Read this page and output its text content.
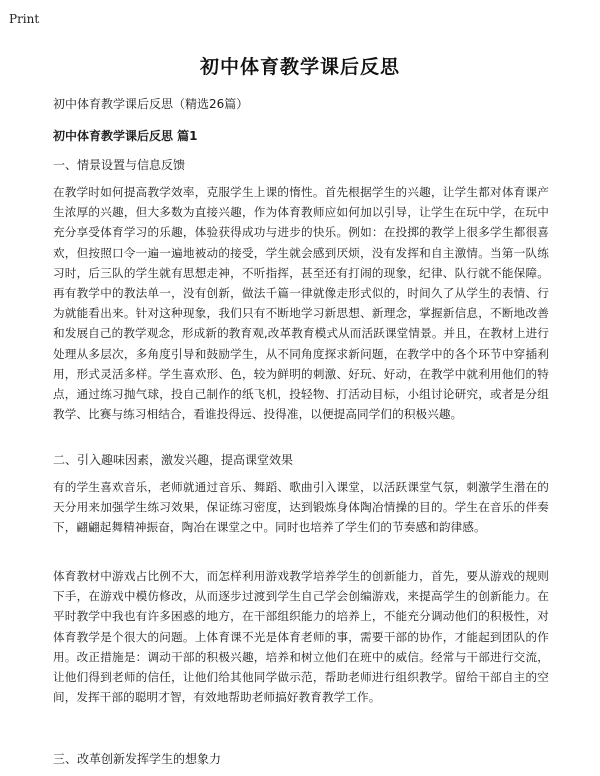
Print
初中体育教学课后反思
初中体育教学课后反思（精选26篇）
初中体育教学课后反思 篇1
一、情景设置与信息反馈

在教学时如何提高教学效率，克服学生上课的惰性。首先根据学生的兴趣，让学生都对体育课产生浓厚的兴趣，但大多数为直接兴趣，作为体育教师应如何加以引导，让学生在玩中学，在玩中充分享受体育学习的乐趣，体验获得成功与进步的快乐。例如：在投掷的教学上很多学生都很喜欢，但按照口令一遍一遍地被动的接受，学生就会感到厌烦，没有发挥和自主激情。当第一队练习时，后三队的学生就有思想走神，不听指挥，甚至还有打闹的现象，纪律、队行就不能保障。再有教学中的教法单一，没有创新，做法千篇一律就像走形式似的，时间久了从学生的表情、行为就能看出来。针对这种现象，我们只有不断地学习新思想、新理念，掌握新信息，不断地改善和发展自己的教学观念，形成新的教育观,改革教育模式从而活跃课堂情景。并且，在教材上进行处理从多层次，多角度引导和鼓励学生，从不同角度探求新问题，在教学中的各个环节中穿插利用，形式灵活多样。学生喜欢形、色，较为鲜明的刺激、好玩、好动，在教学中就利用他们的特点，通过练习抛气球，投自己制作的纸飞机，投轻物、打活动目标，小组讨论研究，或者是分组教学、比赛与练习相结合，看谁投得远、投得准，以便提高同学们的积极兴趣。

二、引入趣味因素，激发兴趣，提高课堂效果

有的学生喜欢音乐，老师就通过音乐、舞蹈、歌曲引入课堂，以活跃课堂气氛，刺激学生潜在的天分用来加强学生练习效果，保证练习密度，达到锻炼身体陶冶情操的目的。学生在音乐的伴奏下，翩翩起舞精神振奋，陶冶在课堂之中。同时也培养了学生们的节奏感和韵律感。

体育教材中游戏占比例不大，而怎样利用游戏教学培养学生的创新能力，首先，要从游戏的规则下手，在游戏中模仿修改，从而逐步过渡到学生自己学会创编游戏，来提高学生的创新能力。在平时教学中我也有许多困惑的地方，在干部组织能力的培养上，不能充分调动他们的积极性，对体育教学是个很大的问题。上体育课不光是体育老师的事，需要干部的协作，才能起到团队的作用。改正措施是：调动干部的积极兴趣，培养和树立他们在班中的威信。经常与干部进行交流，让他们得到老师的信任，让他们给其他同学做示范，帮助老师进行组织教学。留给干部自主的空间，发挥干部的聪明才智，有效地帮助老师搞好教育教学工作。

三、改革创新发挥学生的想象力
